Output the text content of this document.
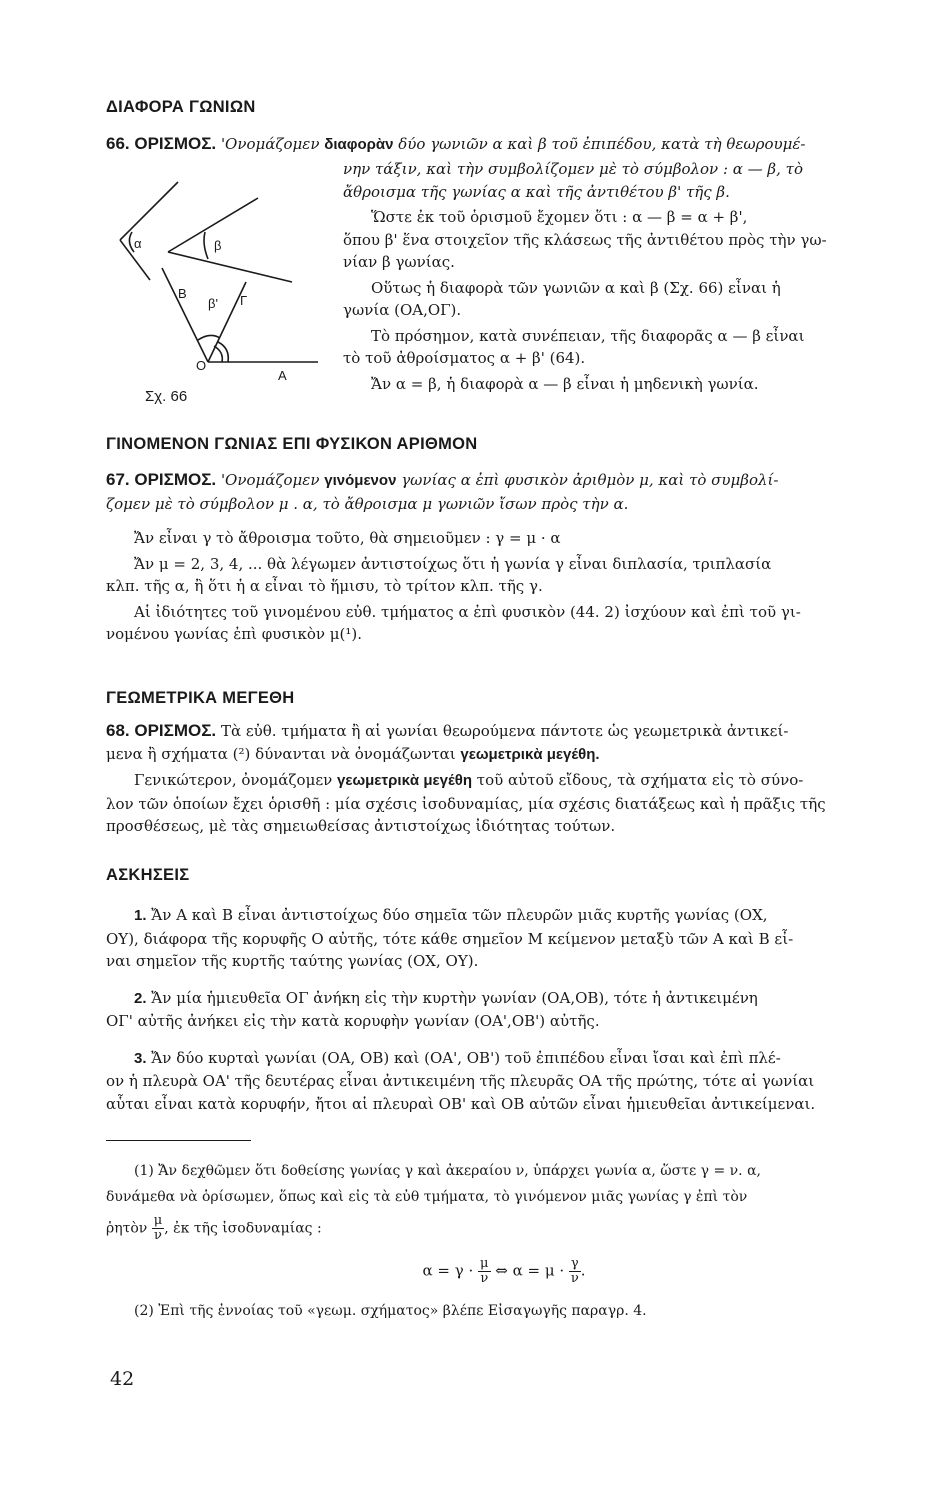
ΔΙΑΦΟΡΑ ΓΩΝΙΩΝ
66. ΟΡΙΣΜΟΣ. 'Ονομάζομεν διαφορὰν δύο γωνιῶν α καὶ β τοῦ ἐπιπέδου, κατὰ τὴ θεωρουμέ-
νην τάξιν, καὶ τὴν συμβολίζομεν μὲ τὸ σύμβολον : α — β, τὸ
ἄθροισμα τῆς γωνίας α καὶ τῆς ἀντιθέτου β' τῆς β.
Ὥστε ἐκ τοῦ ὁρισμοῦ ἔχομεν ὅτι : α — β = α + β',
ὅπου β' ἕνα στοιχεῖον τῆς κλάσεως τῆς ἀντιθέτου πρὸς τὴν γω-
νίαν β γωνίας.
Οὕτως ἡ διαφορὰ τῶν γωνιῶν α καὶ β (Σχ. 66) εἶναι ἡ
γωνία (ΟΑ,ΟΓ).
Τὸ πρόσημον, κατὰ συνέπειαν, τῆς διαφορᾶς α — β εἶναι
τὸ τοῦ ἀθροίσματος α + β' (64).
Ἄν α = β, ἡ διαφορὰ α — β εἶναι ἡ μηδενικὴ γωνία.
α	β
B
β' Γ
O
A
Σχ. 66
ΓΙΝΟΜΕΝΟΝ ΓΩΝΙΑΣ ΕΠΙ ΦΥΣΙΚΟΝ ΑΡΙΘΜΟΝ
67. ΟΡΙΣΜΟΣ. 'Ονομάζομεν γινόμενον γωνίας α ἐπὶ φυσικὸν ἀριθμὸν μ, καὶ τὸ συμβολί-
ζομεν μὲ τὸ σύμβολον μ . α, τὸ ἄθροισμα μ γωνιῶν ἴσων πρὸς τὴν α.
Ἄν εἶναι γ τὸ ἄθροισμα τοῦτο, θὰ σημειοῦμεν : γ = μ · α
Ἄν μ = 2, 3, 4, ... θὰ λέγωμεν ἀντιστοίχως ὅτι ἡ γωνία γ εἶναι διπλασία, τριπλασία
κλπ. τῆς α, ἢ ὅτι ἡ α εἶναι τὸ ἥμισυ, τὸ τρίτον κλπ. τῆς γ.
Αἱ ἰδιότητες τοῦ γινομένου εὐθ. τμήματος α ἐπὶ φυσικὸν (44. 2) ἰσχύουν καὶ ἐπὶ τοῦ γι-
νομένου γωνίας ἐπὶ φυσικὸν μ(¹).
ΓΕΩΜΕΤΡΙΚΑ ΜΕΓΕΘΗ
68. ΟΡΙΣΜΟΣ. Τὰ εὐθ. τμήματα ἢ αἱ γωνίαι θεωρούμενα πάντοτε ὡς γεωμετρικὰ ἀντικεί-
μενα ἢ σχήματα (²) δύνανται νὰ ὀνομάζωνται γεωμετρικὰ μεγέθη.
Γενικώτερον, ὀνομάζομεν γεωμετρικὰ μεγέθη τοῦ αὐτοῦ εἴδους, τὰ σχήματα εἰς τὸ σύνο-
λον τῶν ὁποίων ἔχει ὁρισθῆ : μία σχέσις ἰσοδυναμίας, μία σχέσις διατάξεως καὶ ἡ πρᾶξις τῆς
προσθέσεως, μὲ τὰς σημειωθείσας ἀντιστοίχως ἰδιότητας τούτων.
ΑΣΚΗΣΕΙΣ
1. Ἄν Α καὶ Β εἶναι ἀντιστοίχως δύο σημεῖα τῶν πλευρῶν μιᾶς κυρτῆς γωνίας (ΟΧ,
ΟΥ), διάφορα τῆς κορυφῆς Ο αὐτῆς, τότε κάθε σημεῖον Μ κείμενον μεταξὺ τῶν Α καὶ Β εἶ-
ναι σημεῖον τῆς κυρτῆς ταύτης γωνίας (ΟΧ, ΟΥ).
2. Ἄν μία ἡμιευθεῖα ΟΓ ἀνήκη εἰς τὴν κυρτὴν γωνίαν (ΟΑ,ΟΒ), τότε ἡ ἀντικειμένη
ΟΓ' αὐτῆς ἀνήκει εἰς τὴν κατὰ κορυφὴν γωνίαν (ΟΑ',ΟΒ') αὐτῆς.
3. Ἄν δύο κυρταὶ γωνίαι (ΟΑ, ΟΒ) καὶ (ΟΑ', ΟΒ') τοῦ ἐπιπέδου εἶναι ἴσαι καὶ ἐπὶ πλέ-
ον ἡ πλευρὰ ΟΑ' τῆς δευτέρας εἶναι ἀντικειμένη τῆς πλευρᾶς ΟΑ τῆς πρώτης, τότε αἱ γωνίαι
αὗται εἶναι κατὰ κορυφήν, ἤτοι αἱ πλευραὶ ΟΒ' καὶ ΟΒ αὐτῶν εἶναι ἡμιευθεῖαι ἀντικείμεναι.
(1) Ἄν δεχθῶμεν ὅτι δοθείσης γωνίας γ καὶ ἀκεραίου ν, ὑπάρχει γωνία α, ὥστε γ = ν. α,
δυνάμεθα νὰ ὁρίσωμεν, ὅπως καὶ εἰς τὰ εὐθ τμήματα, τὸ γινόμενον μιᾶς γωνίας γ ἐπὶ τὸν
ῥητὸν $\frac{\mu}{\nu}$ , ἐκ τῆς ἰσοδυναμίας :
$\alpha = \gamma \cdot \frac{\mu}{\nu}$ ⇔ $\alpha = \mu \cdot \frac{\gamma}{\nu}$ .
(2) Ἐπὶ τῆς ἐννοίας τοῦ «γεωμ. σχήματος» βλέπε Εἰσαγωγῆς παραγρ. 4.
42
